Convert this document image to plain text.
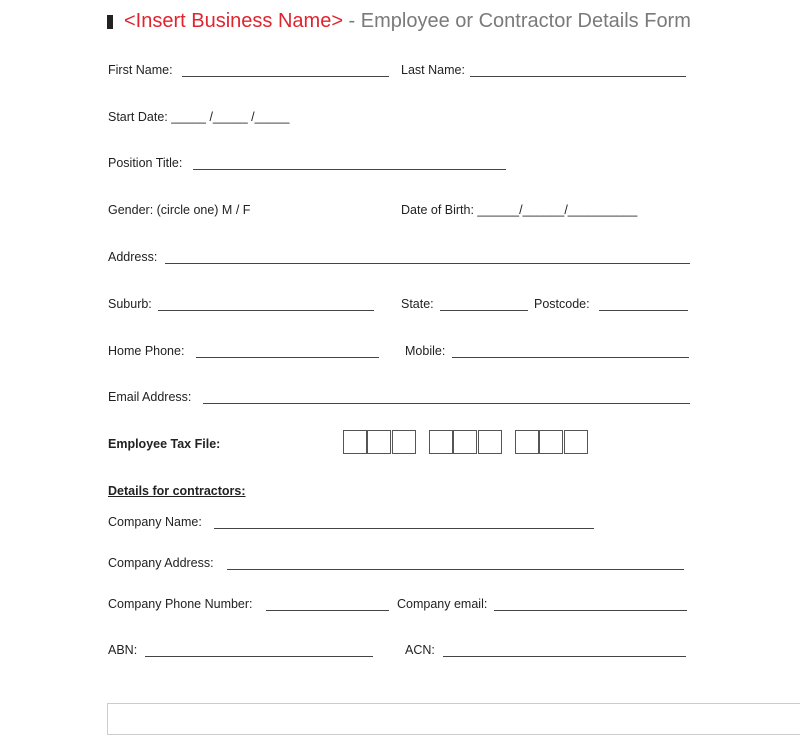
<Insert Business Name> - Employee or Contractor Details Form
First Name:	Last Name:
Start Date: _____ /_____ /_____
Position Title:
Gender: (circle one) M / F	Date of Birth: ______/______/__________
Address:
Suburb:	State:	Postcode:
Home Phone:	Mobile:
Email Address:
Employee Tax File:
Details for contractors:
Company Name:
Company Address:
Company Phone Number:	Company email:
ABN:	ACN:
